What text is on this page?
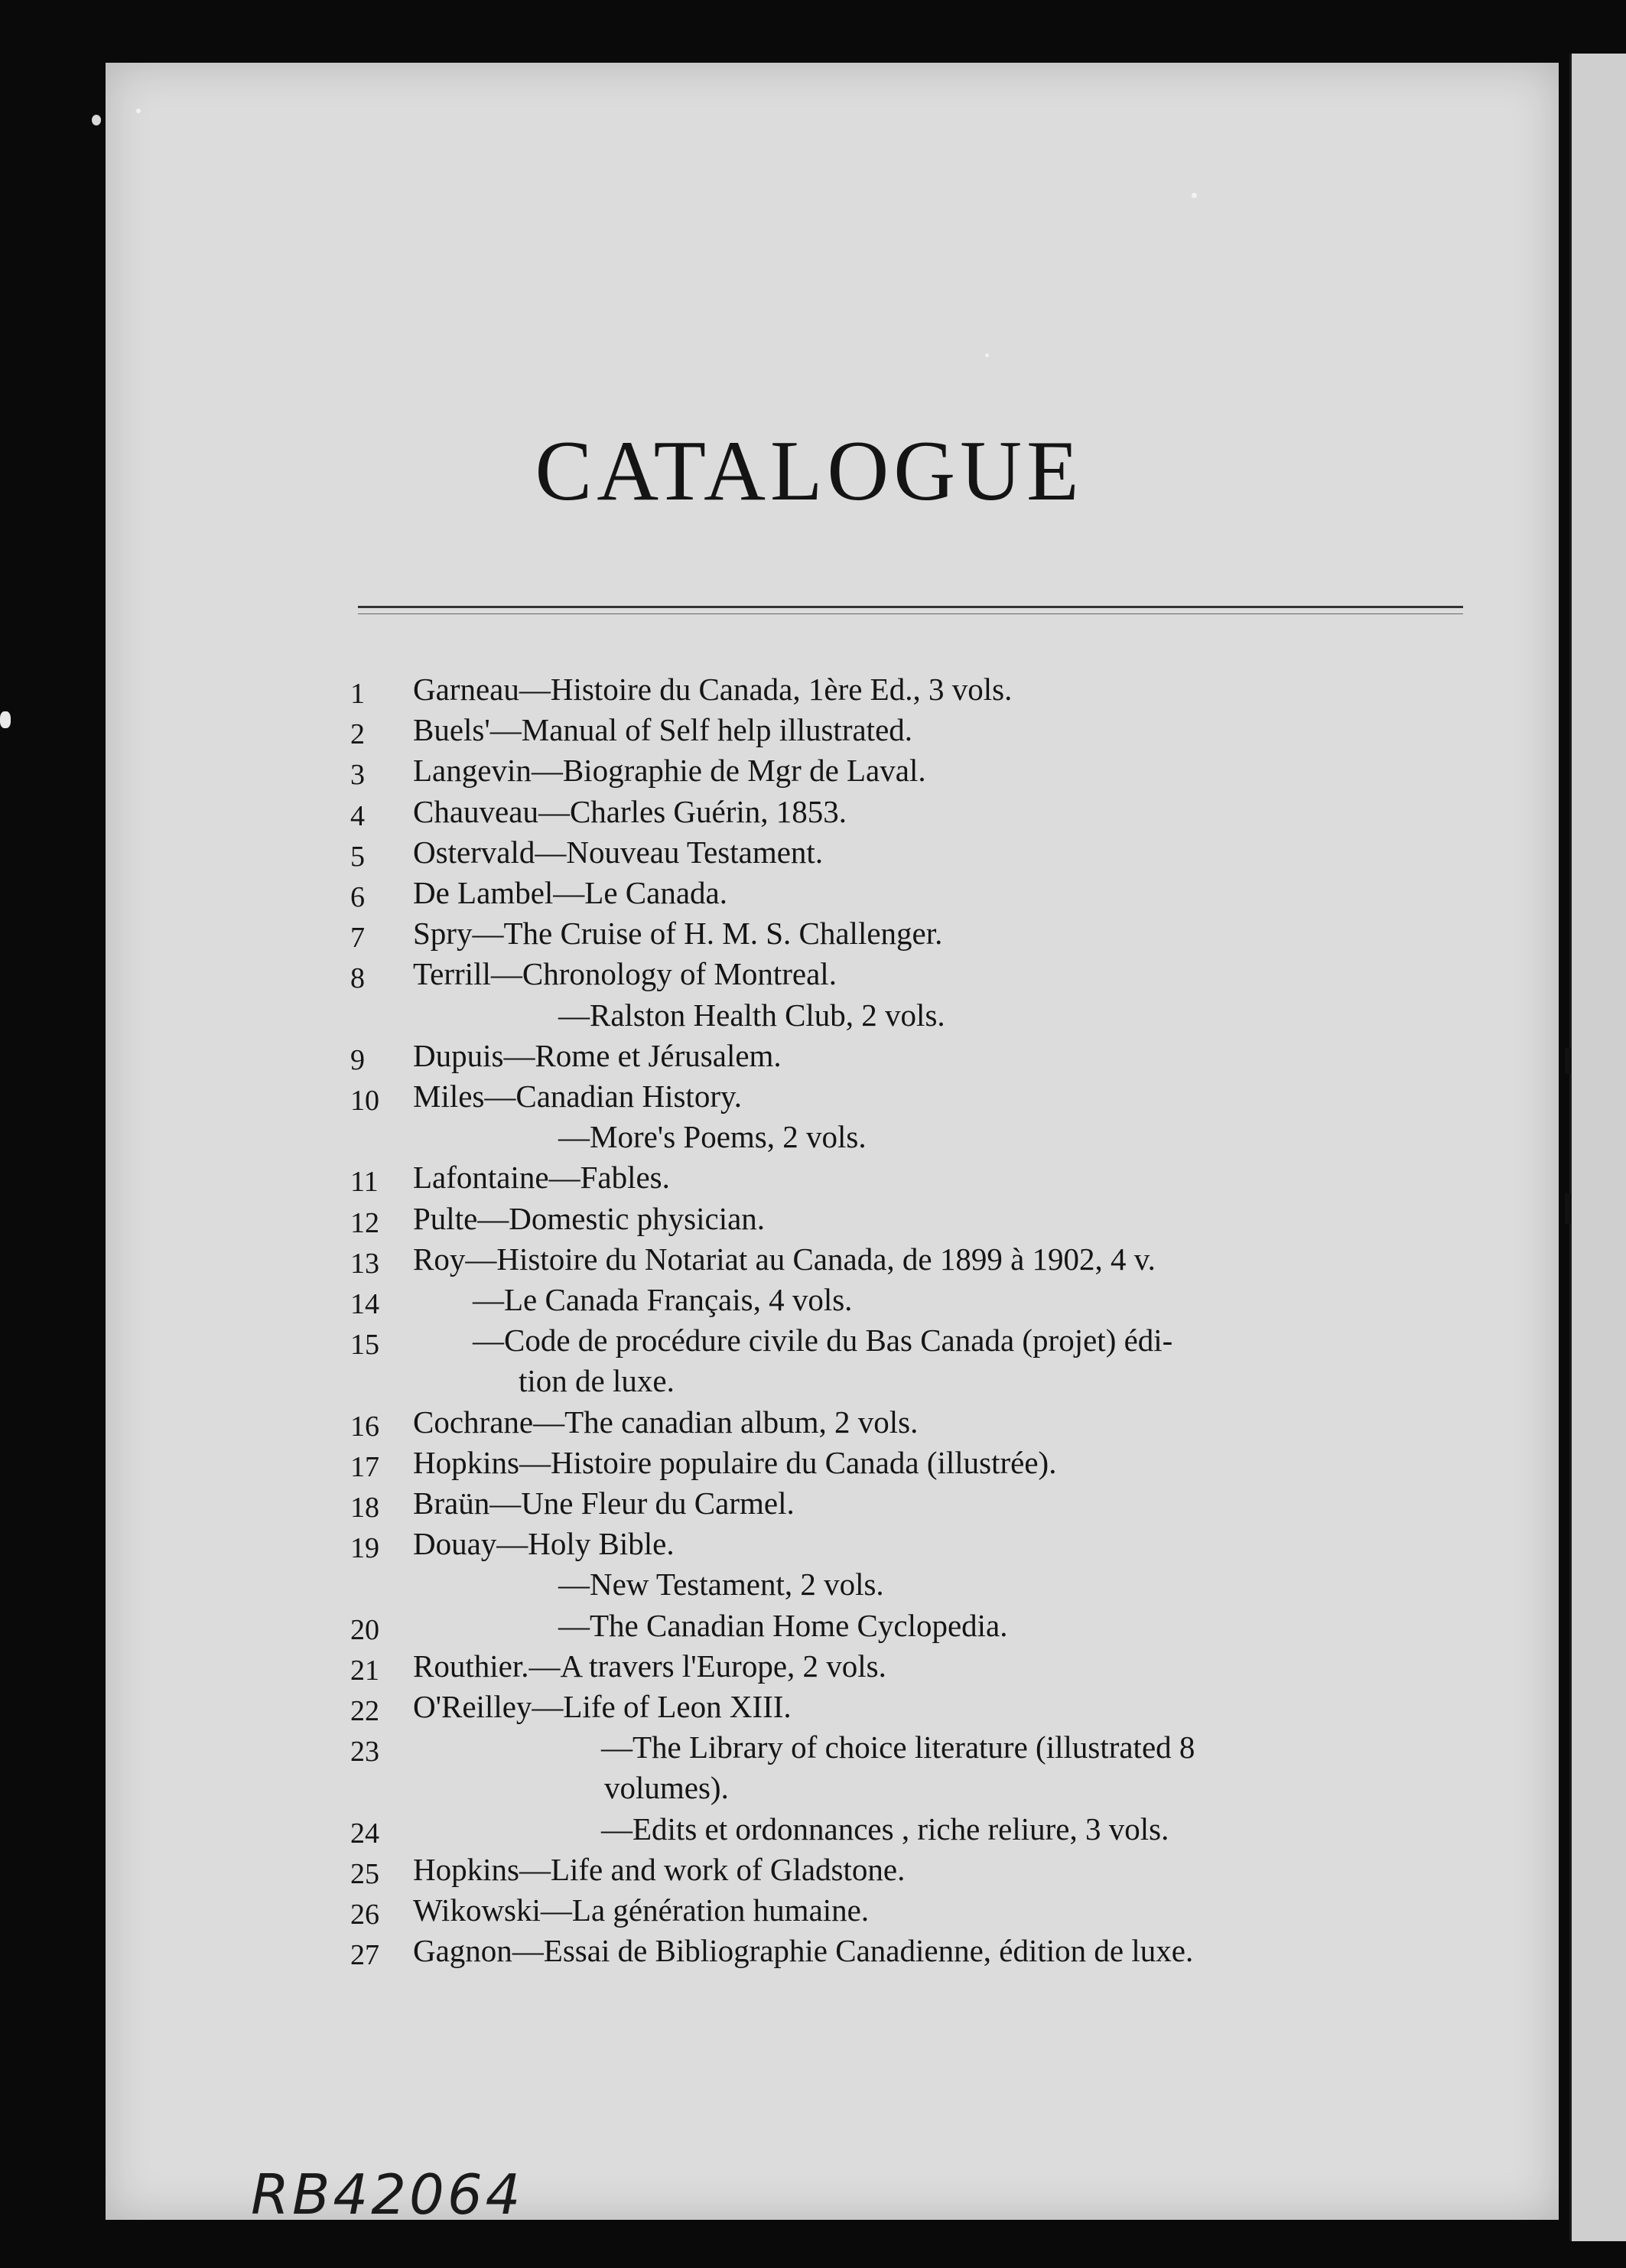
CATALOGUE
1	Garneau—Histoire du Canada, 1ère Ed., 3 vols.
2	Buels'—Manual of Self help illustrated.
3	Langevin—Biographie de Mgr de Laval.
4	Chauveau—Charles Guérin, 1853.
5	Ostervald—Nouveau Testament.
6	De Lambel—Le Canada.
7	Spry—The Cruise of H. M. S. Challenger.
8	Terrill—Chronology of Montreal.
—Ralston Health Club, 2 vols.
9	Dupuis—Rome et Jérusalem.
10	Miles—Canadian History.
—More's Poems, 2 vols.
11	Lafontaine—Fables.
12	Pulte—Domestic physician.
13	Roy—Histoire du Notariat au Canada, de 1899 à 1902, 4 v.
14	—Le Canada Français, 4 vols.
15	—Code de procédure civile du Bas Canada (projet) édi-
tion de luxe.
16	Cochrane—The canadian album, 2 vols.
17	Hopkins—Histoire populaire du Canada (illustrée).
18	Braün—Une Fleur du Carmel.
19	Douay—Holy Bible.
—New Testament, 2 vols.
20	—The Canadian Home Cyclopedia.
21	Routhier.—A travers l'Europe, 2 vols.
22	O'Reilley—Life of Leon XIII.
23	—The Library of choice literature (illustrated 8
volumes).
24	—Edits et ordonnances , riche reliure, 3 vols.
25	Hopkins—Life and work of Gladstone.
26	Wikowski—La génération humaine.
27	Gagnon—Essai de Bibliographie Canadienne, édition de luxe.
RB42064
